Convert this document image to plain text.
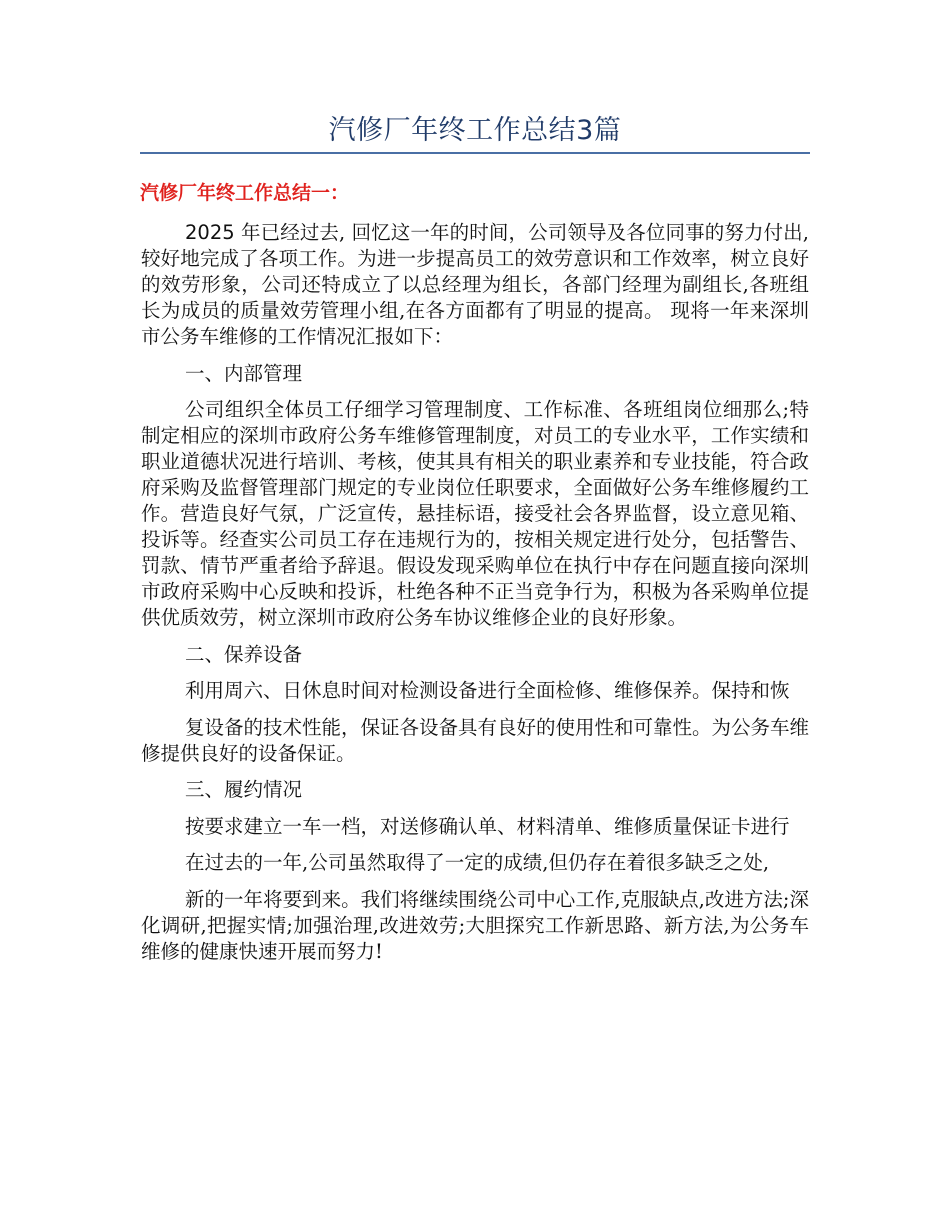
汽修厂年终工作总结3篇
汽修厂年终工作总结一：

2025 年已经过去, 回忆这一年的时间，公司领导及各位同事的努力付出,较好地完成了各项工作。为进一步提高员工的效劳意识和工作效率，树立良好的效劳形象，公司还特成立了以总经理为组长，各部门经理为副组长,各班组长为成员的质量效劳管理小组,在各方面都有了明显的提高。 现将一年来深圳市公务车维修的工作情况汇报如下：

一、内部管理

公司组织全体员工仔细学习管理制度、工作标准、各班组岗位细那么;特制定相应的深圳市政府公务车维修管理制度，对员工的专业水平，工作实绩和职业道德状况进行培训、考核，使其具有相关的职业素养和专业技能，符合政府采购及监督管理部门规定的专业岗位任职要求，全面做好公务车维修履约工作。营造良好气氛，广泛宣传，悬挂标语，接受社会各界监督，设立意见箱、投诉等。经查实公司员工存在违规行为的，按相关规定进行处分，包括警告、罚款、情节严重者给予辞退。假设发现采购单位在执行中存在问题直接向深圳市政府采购中心反映和投诉，杜绝各种不正当竞争行为，积极为各采购单位提供优质效劳，树立深圳市政府公务车协议维修企业的良好形象。

二、保养设备

利用周六、日休息时间对检测设备进行全面检修、维修保养。保持和恢

复设备的技术性能，保证各设备具有良好的使用性和可靠性。为公务车维修提供良好的设备保证。

三、履约情况

按要求建立一车一档，对送修确认单、材料清单、维修质量保证卡进行

在过去的一年,公司虽然取得了一定的成绩,但仍存在着很多缺乏之处,

新的一年将要到来。我们将继续围绕公司中心工作,克服缺点,改进方法;深化调研,把握实情;加强治理,改进效劳;大胆探究工作新思路、新方法,为公务车维修的健康快速开展而努力!
